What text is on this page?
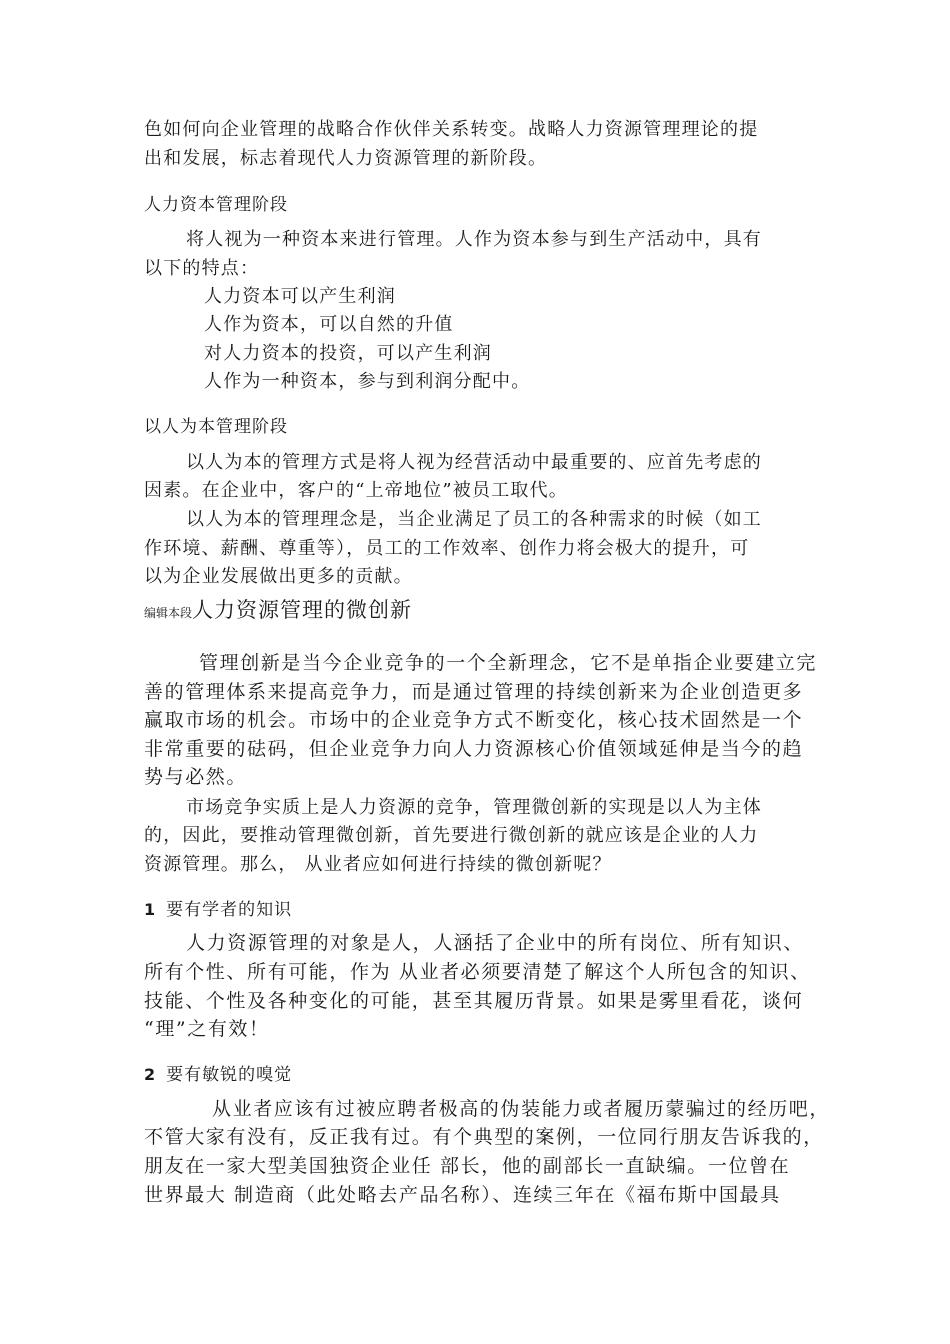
色如何向企业管理的战略合作伙伴关系转变。战略人力资源管理理论的提
出和发展，标志着现代人力资源管理的新阶段。
人力资本管理阶段
将人视为一种资本来进行管理。人作为资本参与到生产活动中，具有
以下的特点：
人力资本可以产生利润
人作为资本，可以自然的升值
对人力资本的投资，可以产生利润
人作为一种资本，参与到利润分配中。
以人为本管理阶段
以人为本的管理方式是将人视为经营活动中最重要的、应首先考虑的
因素。在企业中，客户的“上帝地位”被员工取代。
以人为本的管理理念是，当企业满足了员工的各种需求的时候（如工
作环境、薪酬、尊重等），员工的工作效率、创作力将会极大的提升，可
以为企业发展做出更多的贡献。
编辑本段人力资源管理的微创新
管理创新是当今企业竞争的一个全新理念，它不是单指企业要建立完
善的管理体系来提高竞争力，而是通过管理的持续创新来为企业创造更多
赢取市场的机会。市场中的企业竞争方式不断变化，核心技术固然是一个
非常重要的砝码，但企业竞争力向人力资源核心价值领域延伸是当今的趋
势与必然。
市场竞争实质上是人力资源的竞争，管理微创新的实现是以人为主体
的，因此，要推动管理微创新，首先要进行微创新的就应该是企业的人力
资源管理。那么， 从业者应如何进行持续的微创新呢？
1 要有学者的知识
人力资源管理的对象是人，人涵括了企业中的所有岗位、所有知识、
所有个性、所有可能，作为 从业者必须要清楚了解这个人所包含的知识、
技能、个性及各种变化的可能，甚至其履历背景。如果是雾里看花，谈何
“理”之有效！
2 要有敏锐的嗅觉
从业者应该有过被应聘者极高的伪装能力或者履历蒙骗过的经历吧，
不管大家有没有，反正我有过。有个典型的案例，一位同行朋友告诉我的，
朋友在一家大型美国独资企业任 部长，他的副部长一直缺编。一位曾在
世界最大 制造商（此处略去产品名称）、连续三年在《福布斯中国最具
